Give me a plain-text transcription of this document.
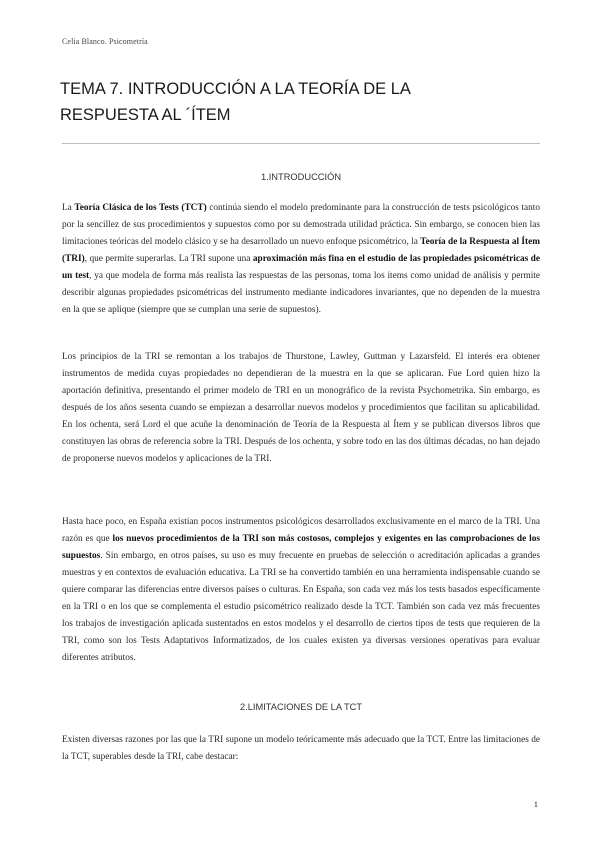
Celia Blanco. Psicometría
TEMA 7. INTRODUCCIÓN A LA TEORÍA DE LA
RESPUESTA AL ´ÍTEM
1.INTRODUCCIÓN

La Teoría Clásica de los Tests (TCT) continúa siendo el modelo predominante para la construcción de tests psicológicos tanto por la sencillez de sus procedimientos y supuestos como por su demostrada utilidad práctica. Sin embargo, se conocen bien las limitaciones teóricas del modelo clásico y se ha desarrollado un nuevo enfoque psicométrico, la Teoría de la Respuesta al Ítem (TRI), que permite superarlas. La TRI supone una aproximación más fina en el estudio de las propiedades psicométricas de un test, ya que modela de forma más realista las respuestas de las personas, toma los ítems como unidad de análisis y permite describir algunas propiedades psicométricas del instrumento mediante indicadores invariantes, que no dependen de la muestra en la que se aplique (siempre que se cumplan una serie de supuestos).

Los principios de la TRI se remontan a los trabajos de Thurstone, Lawley, Guttman y Lazarsfeld. El interés era obtener instrumentos de medida cuyas propiedades no dependieran de la muestra en la que se aplicaran. Fue Lord quien hizo la aportación definitiva, presentando el primer modelo de TRI en un monográfico de la revista Psychometrika. Sin embargo, es después de los años sesenta cuando se empiezan a desarrollar nuevos modelos y procedimientos que facilitan su aplicabilidad. En los ochenta, será Lord el que acuñe la denominación de Teoría de la Respuesta al Ítem y se publican diversos libros que constituyen las obras de referencia sobre la TRI. Después de los ochenta, y sobre todo en las dos últimas décadas, no han dejado de proponerse nuevos modelos y aplicaciones de la TRI.

Hasta hace poco, en España existían pocos instrumentos psicológicos desarrollados exclusivamente en el marco de la TRI. Una razón es que los nuevos procedimientos de la TRI son más costosos, complejos y exigentes en las comprobaciones de los supuestos. Sin embargo, en otros países, su uso es muy frecuente en pruebas de selección o acreditación aplicadas a grandes muestras y en contextos de evaluación educativa. La TRI se ha convertido también en una herramienta indispensable cuando se quiere comparar las diferencias entre diversos países o culturas. En España, son cada vez más los tests basados específicamente en la TRI o en los que se complementa el estudio psicométrico realizado desde la TCT. También son cada vez más frecuentes los trabajos de investigación aplicada sustentados en estos modelos y el desarrollo de ciertos tipos de tests que requieren de la TRI, como son los Tests Adaptativos Informatizados, de los cuales existen ya diversas versiones operativas para evaluar diferentes atributos.

2.LIMITACIONES DE LA TCT

Existen diversas razones por las que la TRI supone un modelo teóricamente más adecuado que la TCT. Entre las limitaciones de la TCT, superables desde la TRI, cabe destacar:

1
